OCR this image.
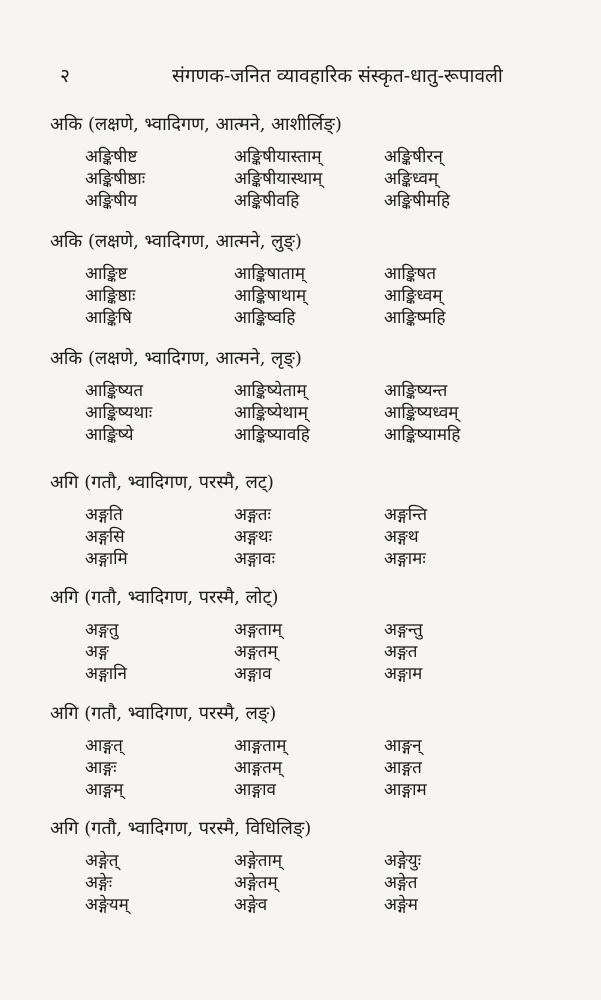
२	संगणक-जनित व्यावहारिक संस्कृत-धातु-रूपावली
अकि (लक्षणे, भ्वादिगण, आत्मने, आशीर्लिङ्)
अङ्किषीष्ट	अङ्किषीयास्ताम्	अङ्किषीरन्
अङ्किषीष्ठाः	अङ्किषीयास्थाम्	अङ्किध्वम्
अङ्किषीय	अङ्किषीवहि	अङ्किषीमहि
अकि (लक्षणे, भ्वादिगण, आत्मने, लुङ्)
आङ्किष्ट	आङ्किषाताम्	आङ्किषत
आङ्किष्ठाः	आङ्किषाथाम्	आङ्किध्वम्
आङ्किषि	आङ्किष्वहि	आङ्किष्महि
अकि (लक्षणे, भ्वादिगण, आत्मने, लृङ्)
आङ्किष्यत	आङ्किष्येताम्	आङ्किष्यन्त
आङ्किष्यथाः	आङ्किष्येथाम्	आङ्किष्यध्वम्
आङ्किष्ये	आङ्किष्यावहि	आङ्किष्यामहि
अगि (गतौ, भ्वादिगण, परस्मै, लट्)
अङ्गति	अङ्गतः	अङ्गन्ति
अङ्गसि	अङ्गथः	अङ्गथ
अङ्गामि	अङ्गावः	अङ्गामः
अगि (गतौ, भ्वादिगण, परस्मै, लोट्)
अङ्गतु	अङ्गताम्	अङ्गन्तु
अङ्ग	अङ्गतम्	अङ्गत
अङ्गानि	अङ्गाव	अङ्गाम
अगि (गतौ, भ्वादिगण, परस्मै, लङ्)
आङ्गत्	आङ्गताम्	आङ्गन्
आङ्गः	आङ्गतम्	आङ्गत
आङ्गम्	आङ्गाव	आङ्गाम
अगि (गतौ, भ्वादिगण, परस्मै, विधिलिङ्)
अङ्गेत्	अङ्गेताम्	अङ्गेयुः
अङ्गेः	अङ्गेतम्	अङ्गेत
अङ्गेयम्	अङ्गेव	अङ्गेम
